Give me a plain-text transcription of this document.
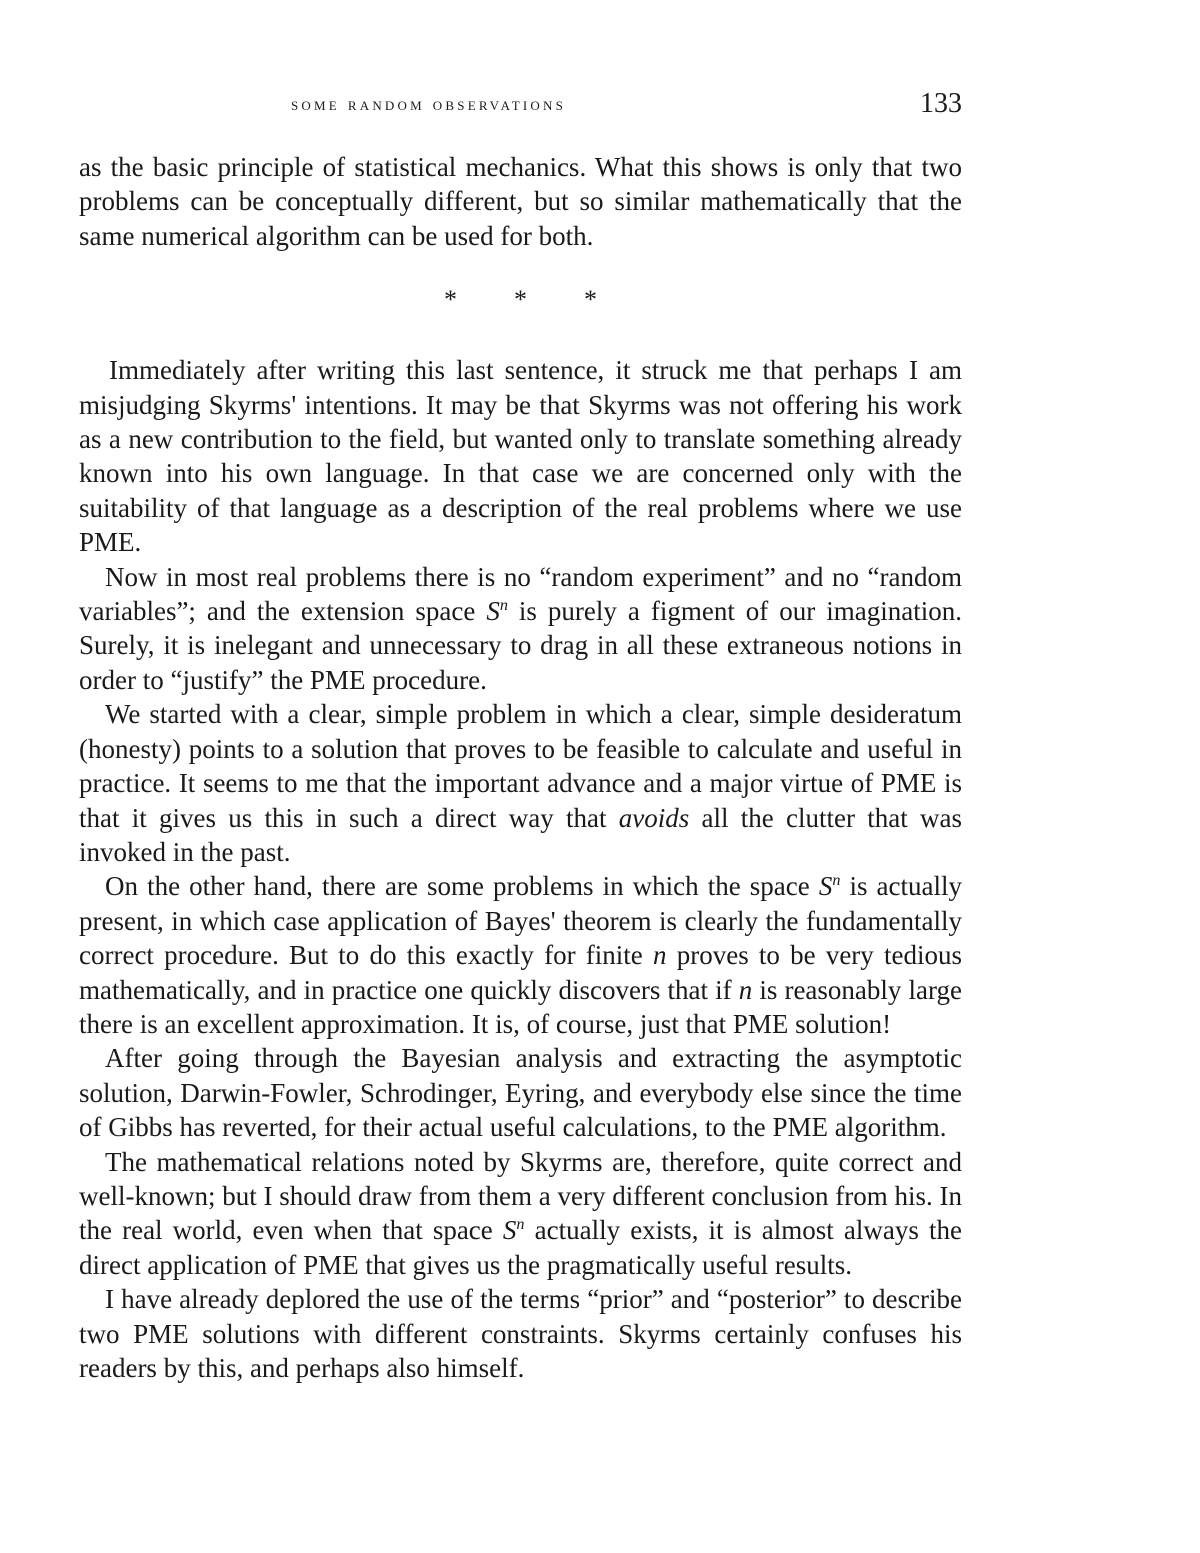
some random observations	133

as the basic principle of statistical mechanics. What this shows is only that two problems can be conceptually different, but so similar mathematically that the same numerical algorithm can be used for both.

* * *

Immediately after writing this last sentence, it struck me that perhaps I am misjudging Skyrms' intentions. It may be that Skyrms was not offering his work as a new contribution to the field, but wanted only to translate something already known into his own language. In that case we are concerned only with the suitability of that language as a description of the real problems where we use PME.

Now in most real problems there is no “random experiment” and no “random variables”; and the extension space $S^n$ is purely a figment of our imagination. Surely, it is inelegant and unnecessary to drag in all these extraneous notions in order to “justify” the PME procedure.

We started with a clear, simple problem in which a clear, simple desideratum (honesty) points to a solution that proves to be feasible to calculate and useful in practice. It seems to me that the important advance and a major virtue of PME is that it gives us this in such a direct way that avoids all the clutter that was invoked in the past.

On the other hand, there are some problems in which the space $S^n$ is actually present, in which case application of Bayes' theorem is clearly the fundamentally correct procedure. But to do this exactly for finite n proves to be very tedious mathematically, and in practice one quickly discovers that if n is reasonably large there is an excellent approximation. It is, of course, just that PME solution!

After going through the Bayesian analysis and extracting the asymptotic solution, Darwin-Fowler, Schrodinger, Eyring, and everybody else since the time of Gibbs has reverted, for their actual useful calculations, to the PME algorithm.

The mathematical relations noted by Skyrms are, therefore, quite correct and well-known; but I should draw from them a very different conclusion from his. In the real world, even when that space $S^n$ actually exists, it is almost always the direct application of PME that gives us the pragmatically useful results.

I have already deplored the use of the terms “prior” and “posterior” to describe two PME solutions with different constraints. Skyrms certainly confuses his readers by this, and perhaps also himself.
